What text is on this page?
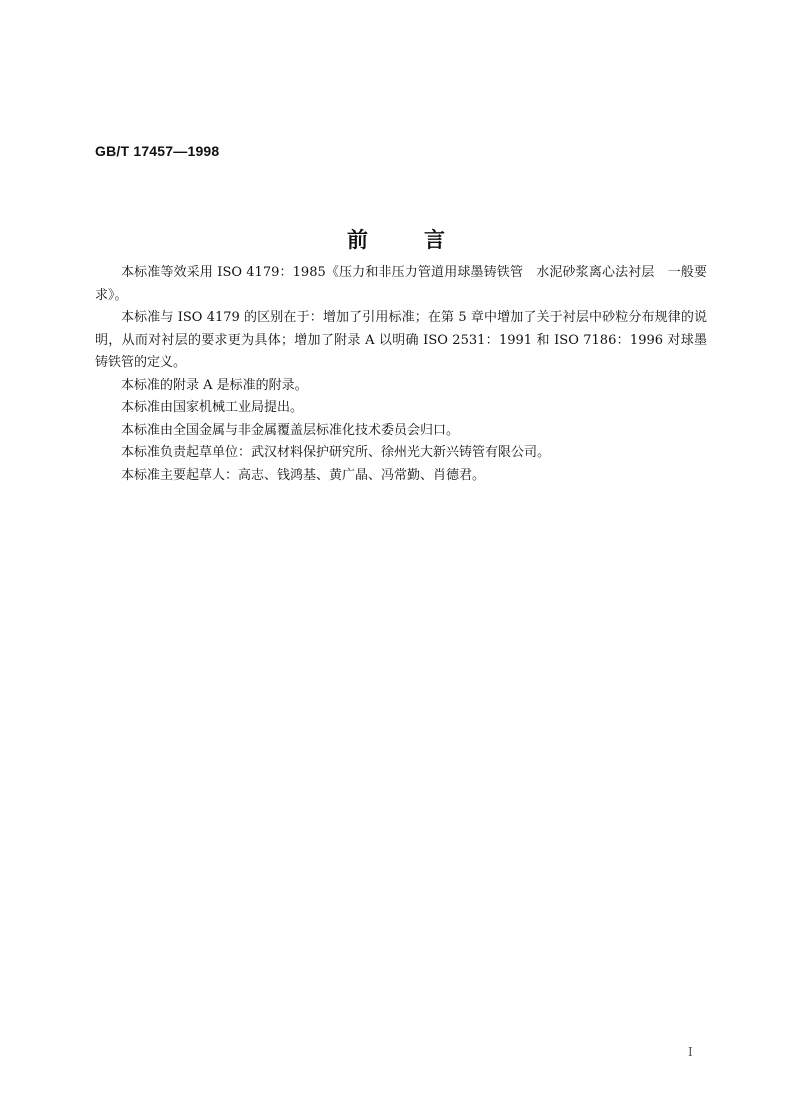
GB/T 17457—1998
前	言

本标准等效采用 ISO 4179：1985《压力和非压力管道用球墨铸铁管　水泥砂浆离心法衬层　一般要求》。

本标准与 ISO 4179 的区别在于：增加了引用标准；在第 5 章中增加了关于衬层中砂粒分布规律的说明，从而对衬层的要求更为具体；增加了附录 A 以明确 ISO 2531：1991 和 ISO 7186：1996 对球墨铸铁管的定义。

本标准的附录 A 是标准的附录。

本标准由国家机械工业局提出。

本标准由全国金属与非金属覆盖层标准化技术委员会归口。

本标准负责起草单位：武汉材料保护研究所、徐州光大新兴铸管有限公司。

本标准主要起草人：高志、钱鸿基、黄广晶、冯常勤、肖德君。

I
